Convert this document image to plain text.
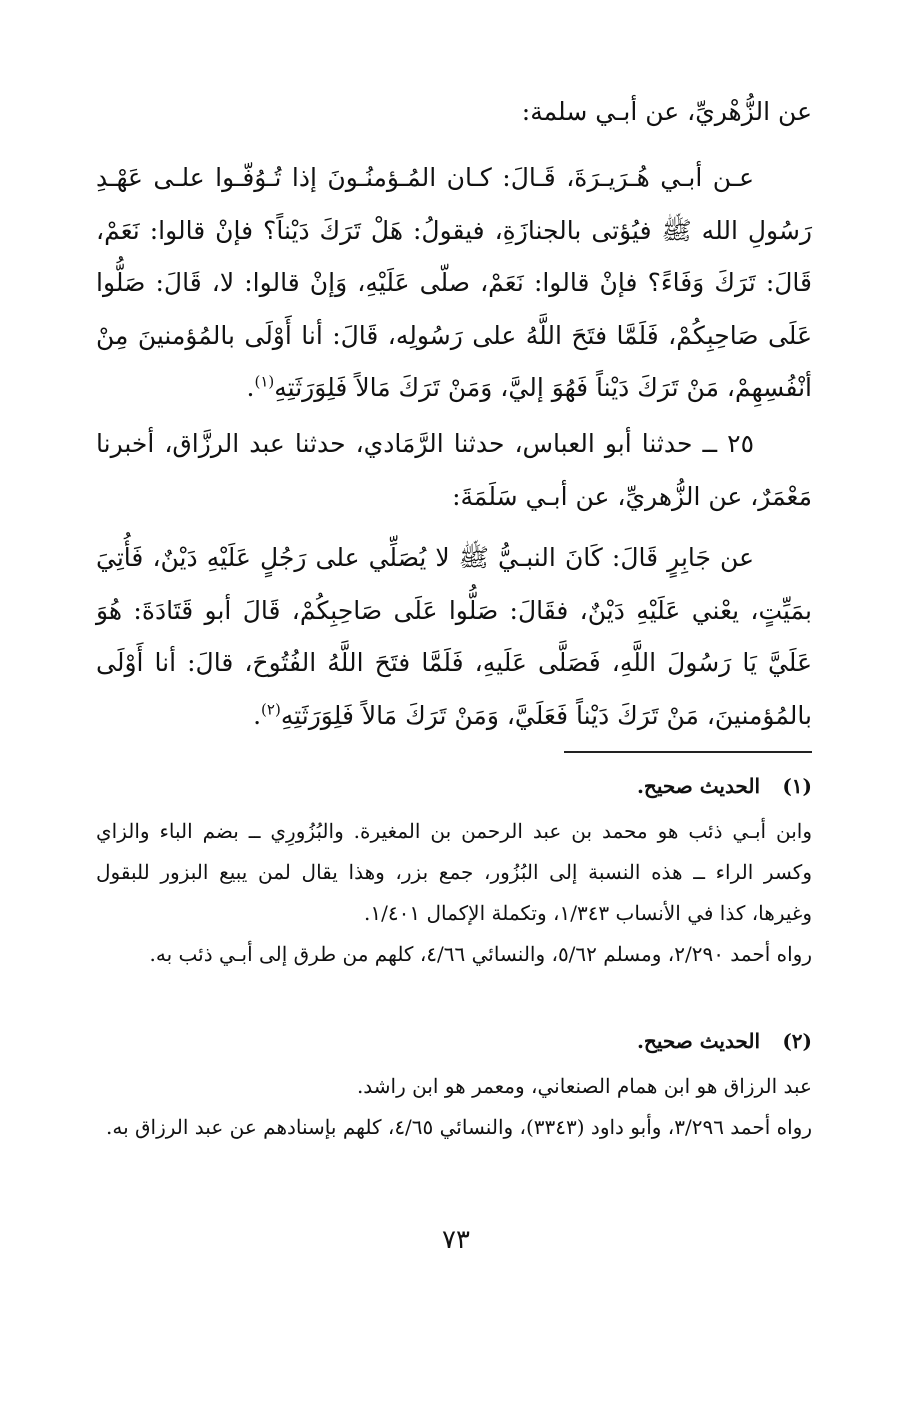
عن الزُّهْريِّ، عن أبـي سلمة:

عـن أبـي هُـرَيـرَةَ، قَـالَ: كـان المُـؤمنُـونَ إذا تُـوُفّـوا علـى عَهْـدِ رَسُولِ الله ﷺ فيُؤتى بالجنازَةِ، فيقولُ: هَلْ تَرَكَ دَيْناً؟ فإنْ قالوا: نَعَمْ، قَالَ: تَرَكَ وَفَاءً؟ فإنْ قالوا: نَعَمْ، صلّى عَلَيْهِ، وَإنْ قالوا: لا، قَالَ: صَلُّوا عَلَى صَاحِبِكُمْ، فَلَمَّا فتَحَ اللَّهُ على رَسُولِه، قَالَ: أنا أَوْلَى بالمُؤمنينَ مِنْ أنْفُسِهِمْ، مَنْ تَرَكَ دَيْناً فَهُوَ إليَّ، وَمَنْ تَرَكَ مَالاً فَلِوَرَثَتِهِ$^{(١)}$.

٢٥ ــ حدثنا أبو العباس، حدثنا الرَّمَادي، حدثنا عبد الرزَّاق، أخبرنا مَعْمَرٌ، عن الزُّهريِّ، عن أبـي سَلَمَةَ:

عن جَابِرٍ قَالَ: كَانَ النبـيُّ ﷺ لا يُصَلِّي على رَجُلٍ عَلَيْهِ دَيْنٌ، فَأُتِيَ بمَيِّتٍ، يعْني عَلَيْهِ دَيْنٌ، فقَالَ: صَلُّوا عَلَى صَاحِبِكُمْ، قَالَ أبو قَتَادَةَ: هُوَ عَلَيَّ يَا رَسُولَ اللَّهِ، فَصَلَّى عَلَيهِ، فَلَمَّا فتَحَ اللَّهُ الفُتُوحَ، قالَ: أنا أَوْلَى بالمُؤمنينَ، مَنْ تَرَكَ دَيْناً فَعَلَيَّ، وَمَنْ تَرَكَ مَالاً فَلِوَرَثَتِهِ$^{(٢)}$.

(١)الحديث صحيح.

وابن أبـي ذئب هو محمد بن عبد الرحمن بن المغيرة. والبُزُورِي ــ بضم الباء والزاي وكسر الراء ــ هذه النسبة إلى البُزُور، جمع بزر، وهذا يقال لمن يبيع البزور للبقول وغيرها، كذا في الأنساب ١/٣٤٣، وتكملة الإكمال ١/٤٠١.

رواه أحمد ٢/٢٩٠، ومسلم ٥/٦٢، والنسائي ٤/٦٦، كلهم من طرق إلى أبـي ذئب به.

(٢)الحديث صحيح.

عبد الرزاق هو ابن همام الصنعاني، ومعمر هو ابن راشد.

رواه أحمد ٣/٢٩٦، وأبو داود (٣٣٤٣)، والنسائي ٤/٦٥، كلهم بإسنادهم عن عبد الرزاق به.

٧٣
